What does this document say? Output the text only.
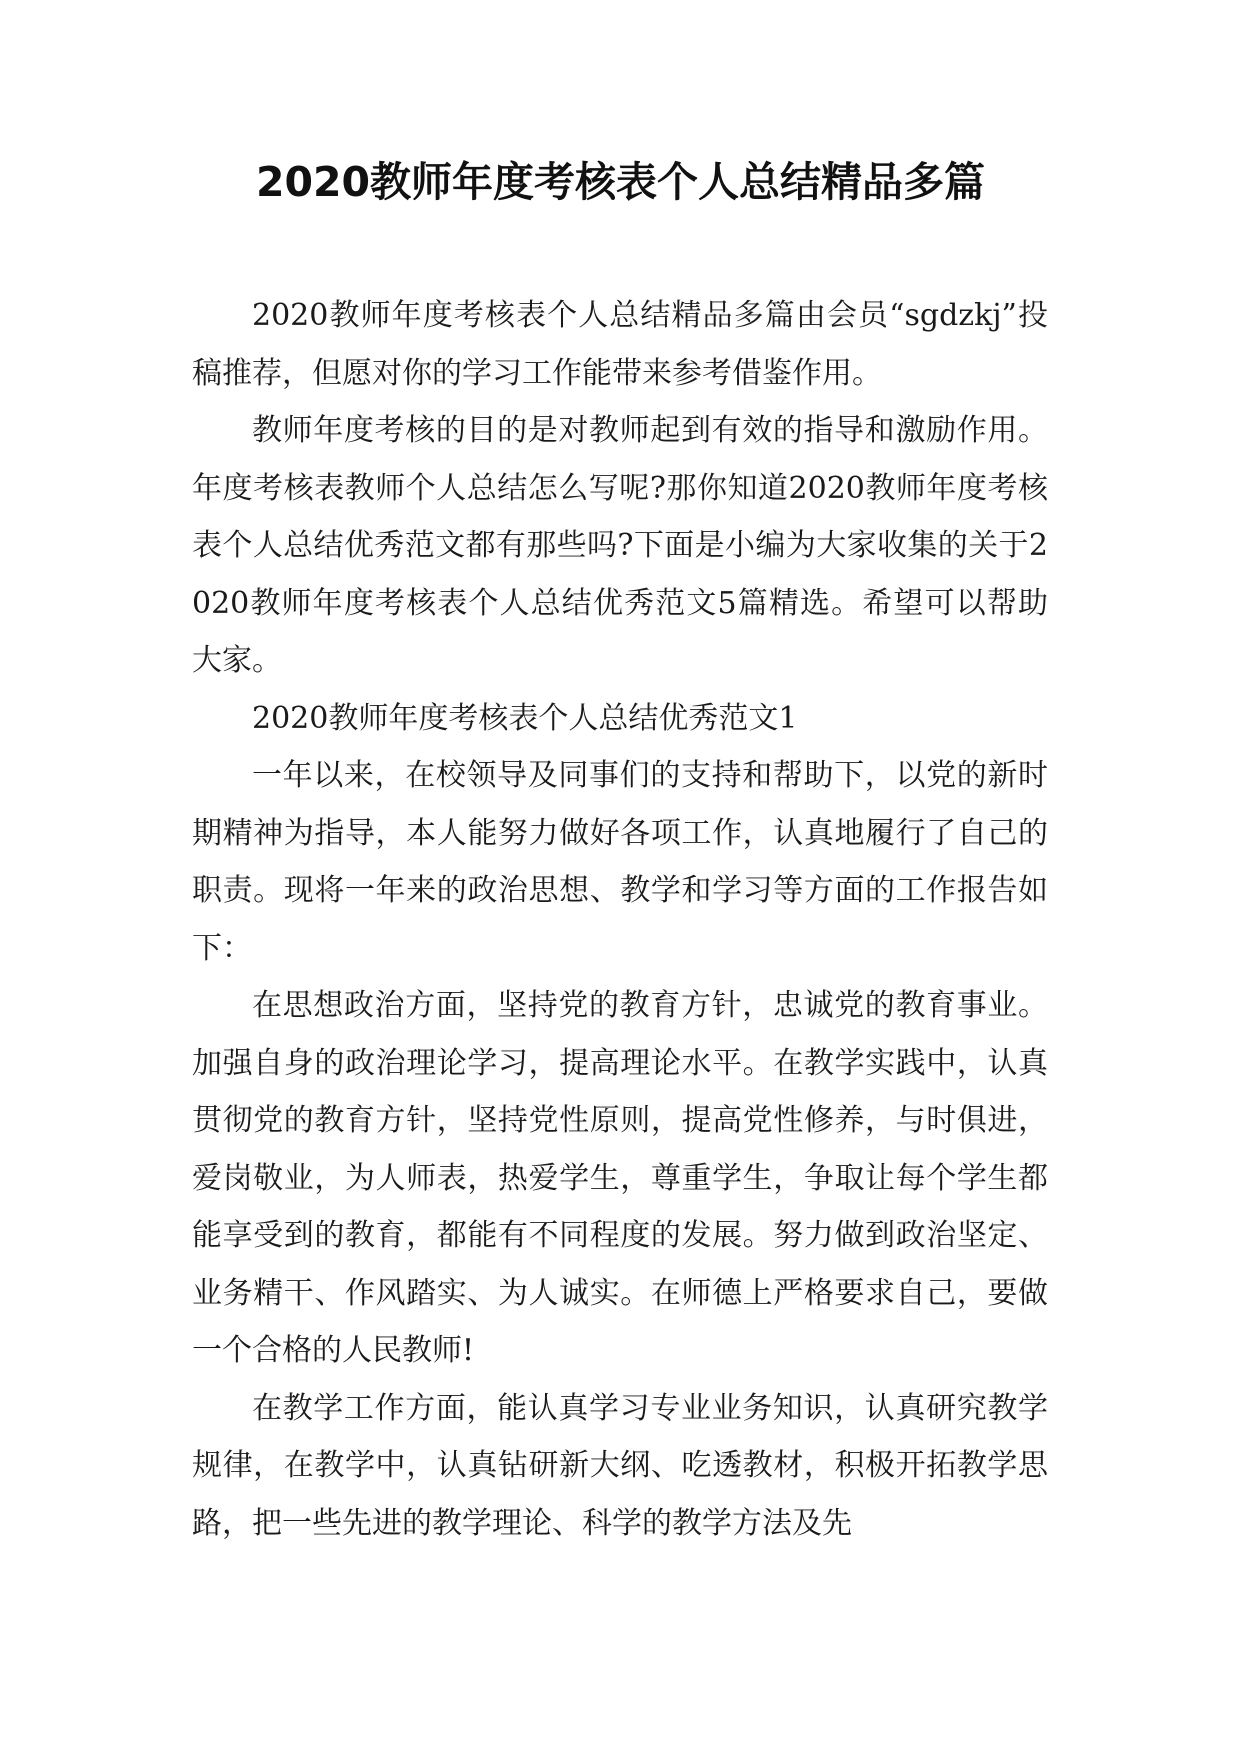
2020教师年度考核表个人总结精品多篇

2020教师年度考核表个人总结精品多篇由会员“sgdzkj”投稿推荐，但愿对你的学习工作能带来参考借鉴作用。

教师年度考核的目的是对教师起到有效的指导和激励作用。年度考核表教师个人总结怎么写呢?那你知道2020教师年度考核表个人总结优秀范文都有那些吗?下面是小编为大家收集的关于2020教师年度考核表个人总结优秀范文5篇精选。希望可以帮助大家。

2020教师年度考核表个人总结优秀范文1

一年以来，在校领导及同事们的支持和帮助下，以党的新时期精神为指导，本人能努力做好各项工作，认真地履行了自己的职责。现将一年来的政治思想、教学和学习等方面的工作报告如下：

在思想政治方面，坚持党的教育方针，忠诚党的教育事业。加强自身的政治理论学习，提高理论水平。在教学实践中，认真贯彻党的教育方针，坚持党性原则，提高党性修养，与时俱进，爱岗敬业，为人师表，热爱学生，尊重学生，争取让每个学生都能享受到的教育，都能有不同程度的发展。努力做到政治坚定、业务精干、作风踏实、为人诚实。在师德上严格要求自己，要做一个合格的人民教师!

在教学工作方面，能认真学习专业业务知识，认真研究教学规律，在教学中，认真钻研新大纲、吃透教材，积极开拓教学思路，把一些先进的教学理论、科学的教学方法及先
